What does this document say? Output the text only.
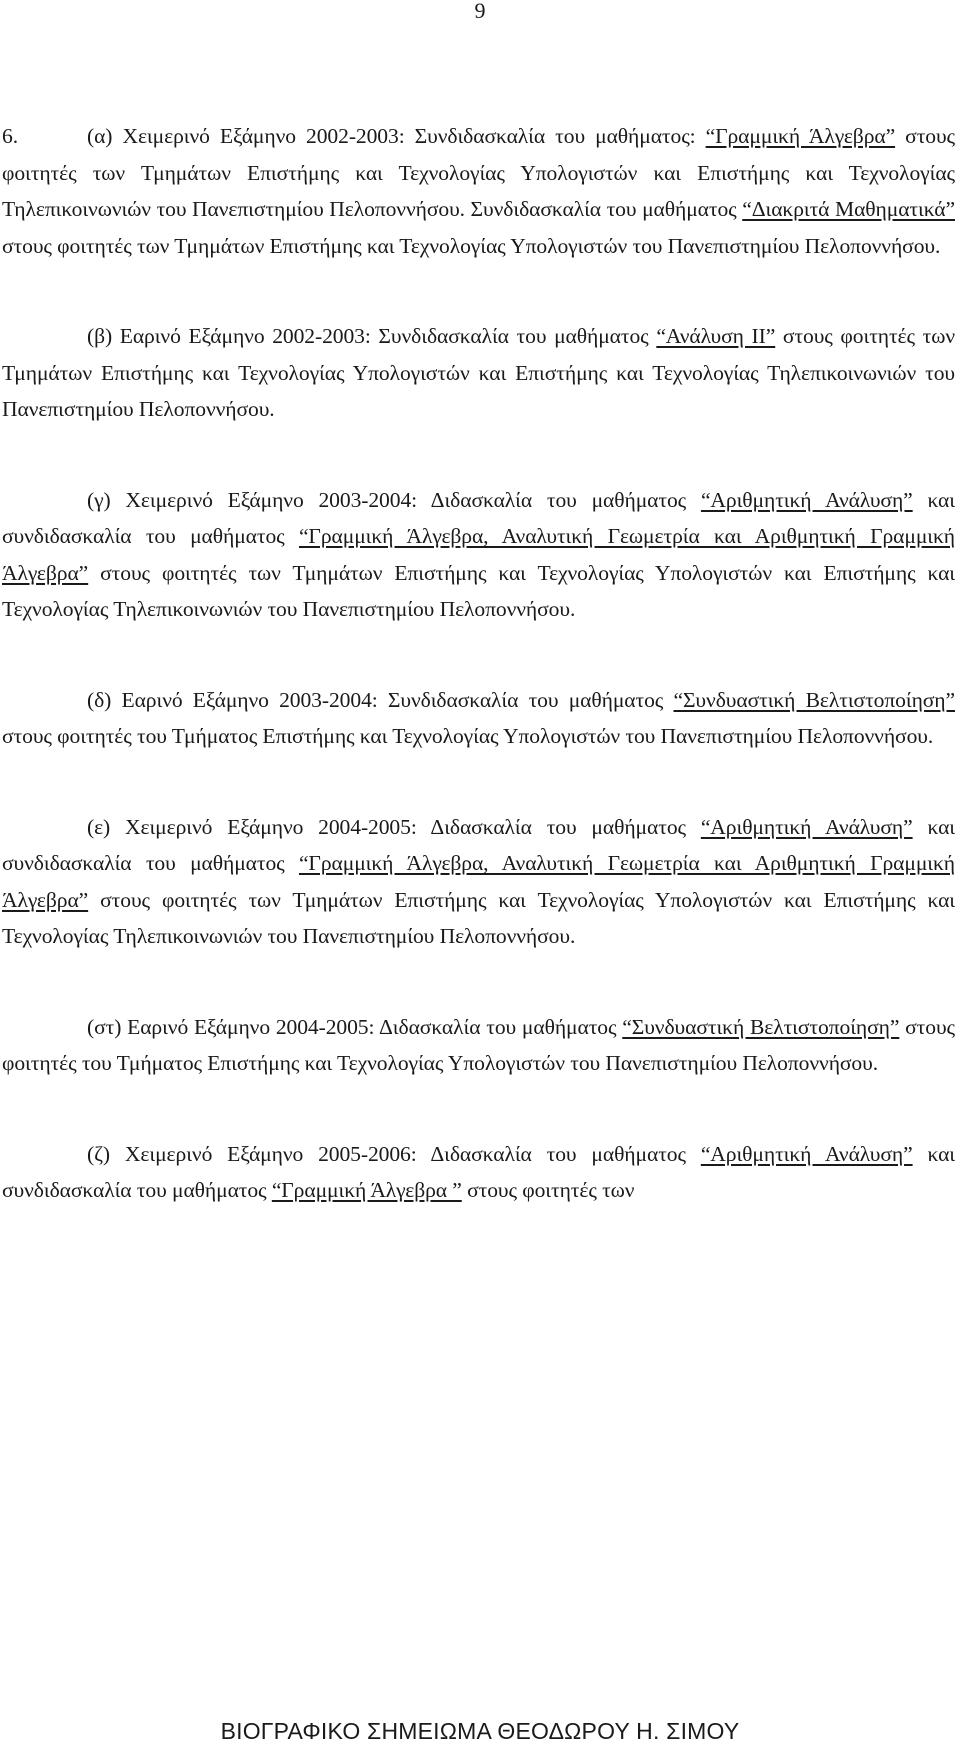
9

6.	(α) Χειμερινό Εξάμηνο 2002-2003: Συνδιδασκαλία του μαθήματος: “Γραμμική Άλγεβρα” στους φοιτητές των Τμημάτων Επιστήμης και Τεχνολογίας Υπολογιστών και Επιστήμης και Τεχνολογίας Τηλεπικοινωνιών του Πανεπιστημίου Πελοποννήσου. Συνδιδασκαλία του μαθήματος “Διακριτά Μαθηματικά” στους φοιτητές των Τμημάτων Επιστήμης και Τεχνολογίας Υπολογιστών του Πανεπιστημίου Πελοποννήσου.

(β) Εαρινό Εξάμηνο 2002-2003: Συνδιδασκαλία του μαθήματος “Ανάλυση ΙΙ” στους φοιτητές των Τμημάτων Επιστήμης και Τεχνολογίας Υπολογιστών και Επιστήμης και Τεχνολογίας Τηλεπικοινωνιών του Πανεπιστημίου Πελοποννήσου.

(γ) Χειμερινό Εξάμηνο 2003-2004: Διδασκαλία του μαθήματος “Αριθμητική Ανάλυση” και συνδιδασκαλία του μαθήματος “Γραμμική Άλγεβρα, Αναλυτική Γεωμετρία και Αριθμητική Γραμμική Άλγεβρα” στους φοιτητές των Τμημάτων Επιστήμης και Τεχνολογίας Υπολογιστών και Επιστήμης και Τεχνολογίας Τηλεπικοινωνιών του Πανεπιστημίου Πελοποννήσου.

(δ) Εαρινό Εξάμηνο 2003-2004: Συνδιδασκαλία του μαθήματος “Συνδυαστική Βελτιστοποίηση” στους φοιτητές του Τμήματος Επιστήμης και Τεχνολογίας Υπολογιστών του Πανεπιστημίου Πελοποννήσου.

(ε) Χειμερινό Εξάμηνο 2004-2005: Διδασκαλία του μαθήματος “Αριθμητική Ανάλυση” και συνδιδασκαλία του μαθήματος “Γραμμική Άλγεβρα, Αναλυτική Γεωμετρία και Αριθμητική Γραμμική Άλγεβρα” στους φοιτητές των Τμημάτων Επιστήμης και Τεχνολογίας Υπολογιστών και Επιστήμης και Τεχνολογίας Τηλεπικοινωνιών του Πανεπιστημίου Πελοποννήσου.

(στ) Εαρινό Εξάμηνο 2004-2005: Διδασκαλία του μαθήματος “Συνδυαστική Βελτιστοποίηση” στους φοιτητές του Τμήματος Επιστήμης και Τεχνολογίας Υπολογιστών του Πανεπιστημίου Πελοποννήσου.

(ζ) Χειμερινό Εξάμηνο 2005-2006: Διδασκαλία του μαθήματος “Αριθμητική Ανάλυση” και συνδιδασκαλία του μαθήματος “Γραμμική Άλγεβρα ” στους φοιτητές των

ΒΙΟΓΡΑΦΙΚΟ ΣΗΜΕΙΩΜΑ ΘΕΟΔΩΡΟΥ Η. ΣΙΜΟΥ
